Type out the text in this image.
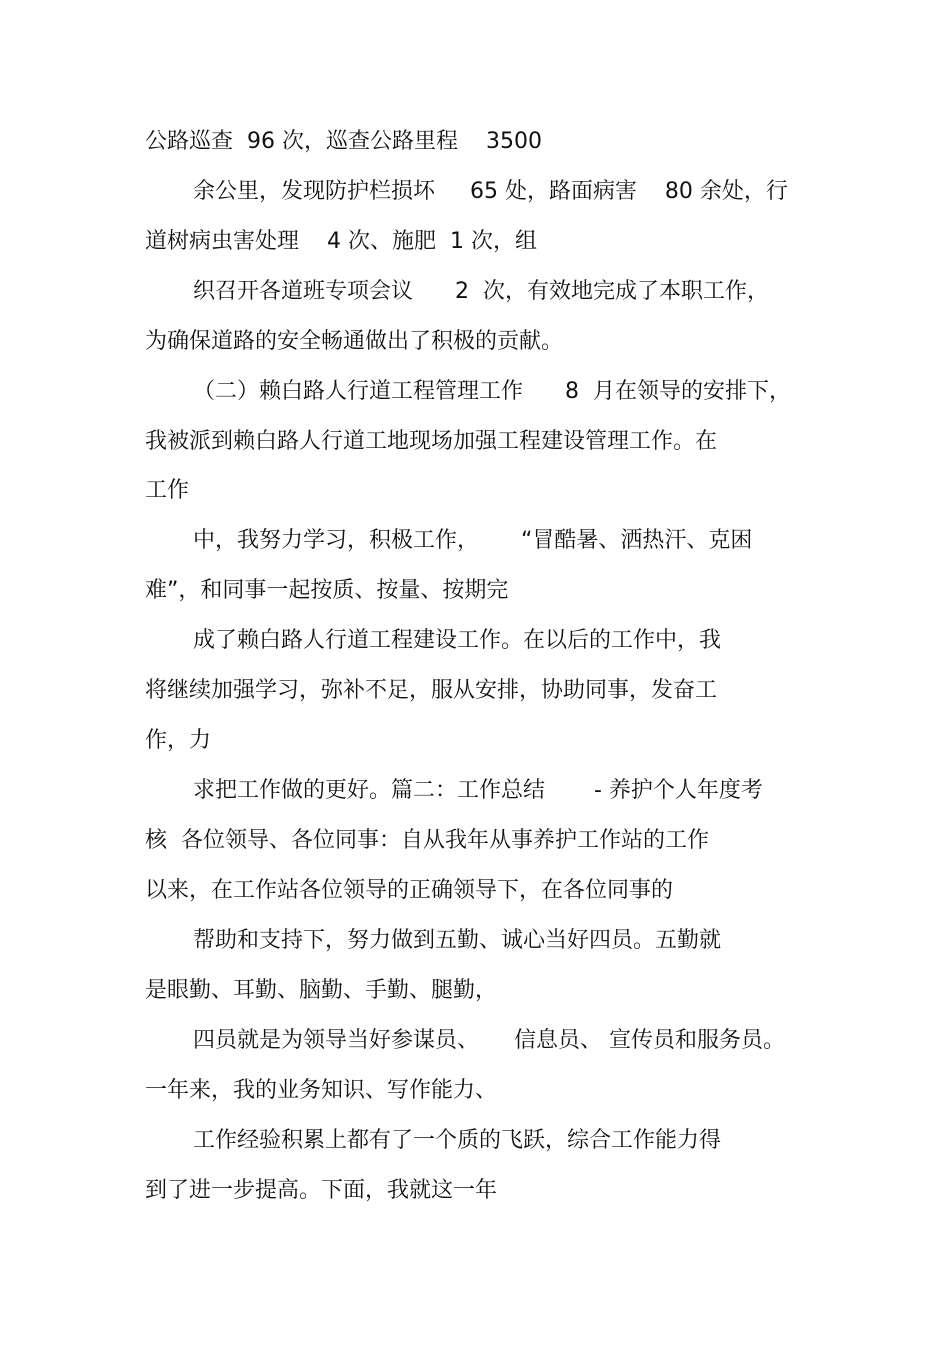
公路巡查  96 次，巡查公路里程    3500
余公里，发现防护栏损坏     65 处，路面病害    80 余处，行
道树病虫害处理    4 次、施肥  1 次，组
织召开各道班专项会议      2  次，有效地完成了本职工作，
为确保道路的安全畅通做出了积极的贡献。
（二）赖白路人行道工程管理工作      8  月在领导的安排下，
我被派到赖白路人行道工地现场加强工程建设管理工作。在
工作
中，我努力学习，积极工作，      “冒酷暑、洒热汗、克困
难”，和同事一起按质、按量、按期完
成了赖白路人行道工程建设工作。在以后的工作中，我
将继续加强学习，弥补不足，服从安排，协助同事，发奋工
作，力
求把工作做的更好。篇二：工作总结       - 养护个人年度考
核  各位领导、各位同事：自从我年从事养护工作站的工作
以来，在工作站各位领导的正确领导下，在各位同事的
帮助和支持下，努力做到五勤、诚心当好四员。五勤就
是眼勤、耳勤、脑勤、手勤、腿勤，
四员就是为领导当好参谋员、     信息员、 宣传员和服务员。
一年来，我的业务知识、写作能力、
工作经验积累上都有了一个质的飞跃，综合工作能力得
到了进一步提高。下面，我就这一年
